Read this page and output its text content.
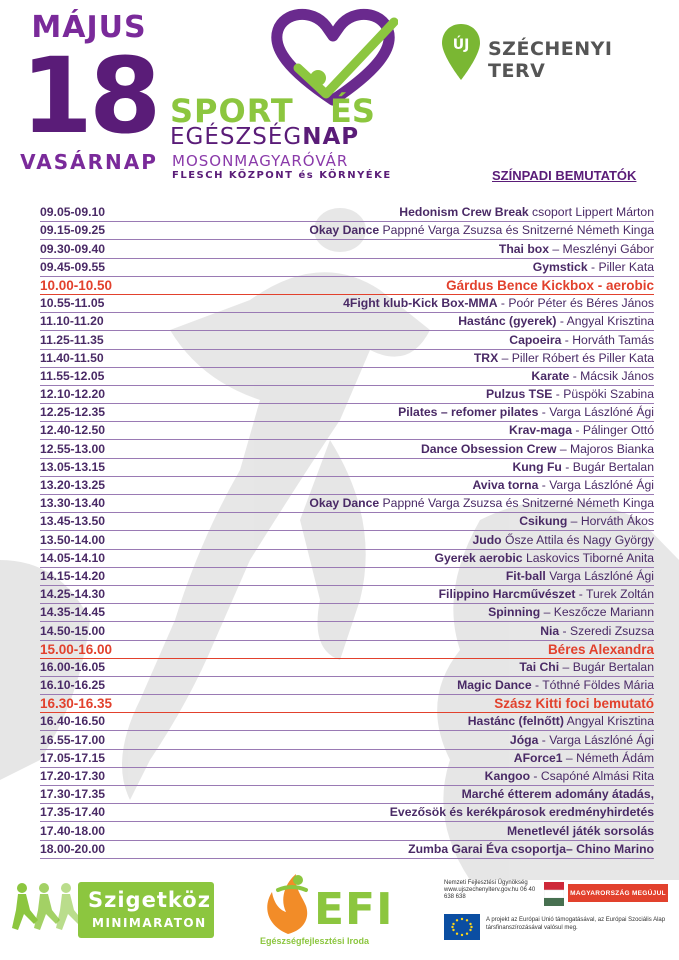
MÁJUS
18
VASÁRNAP
SPORT ÉS
EGÉSZSÉGNAP
MOSONMAGYARÓVÁR
FLESCH KÖZPONT és KÖRNYÉKE
ÚJ SZÉCHENYI TERV
SZÍNPADI BEMUTATÓK
09.05-09.10	Hedonism Crew Break csoport Lippert Márton
09.15-09.25	Okay Dance Pappné Varga Zsuzsa és Snitzerné Németh Kinga
09.30-09.40	Thai box – Meszlényi Gábor
09.45-09.55	Gymstick - Piller Kata
10.00-10.50	Gárdus Bence Kickbox - aerobic
10.55-11.05	4Fight klub-Kick Box-MMA - Poór Péter és Béres János
11.10-11.20	Hastánc (gyerek) - Angyal Krisztina
11.25-11.35	Capoeira - Horváth Tamás
11.40-11.50	TRX – Piller Róbert és Piller Kata
11.55-12.05	Karate - Mácsik János
12.10-12.20	Pulzus TSE - Püspöki Szabina
12.25-12.35	Pilates – refomer pilates - Varga Lászlóné Ági
12.40-12.50	Krav-maga - Pálinger Ottó
12.55-13.00	Dance Obsession Crew – Majoros Bianka
13.05-13.15	Kung Fu - Bugár Bertalan
13.20-13.25	Aviva torna - Varga Lászlóné Ági
13.30-13.40	Okay Dance Pappné Varga Zsuzsa és Snitzerné Németh Kinga
13.45-13.50	Csikung – Horváth Ákos
13.50-14.00	Judo Ősze Attila és Nagy György
14.05-14.10	Gyerek aerobic Laskovics Tiborné Anita
14.15-14.20	Fit-ball Varga Lászlóné Ági
14.25-14.30	Filippino Harcművészet - Turek Zoltán
14.35-14.45	Spinning – Keszőcze Mariann
14.50-15.00	Nia - Szeredi Zsuzsa
15.00-16.00	Béres Alexandra
16.00-16.05	Tai Chi – Bugár Bertalan
16.10-16.25	Magic Dance - Tóthné Földes Mária
16.30-16.35	Szász Kitti foci bemutató
16.40-16.50	Hastánc (felnőtt) Angyal Krisztina
16.55-17.00	Jóga - Varga Lászlóné Ági
17.05-17.15	AForce1 – Németh Ádám
17.20-17.30	Kangoo - Csapóné Almási Rita
17.30-17.35	Marché étterem adomány átadás,
17.35-17.40	Evezősök és kerékpárosok eredményhirdetés
17.40-18.00	Menetlevél játék sorsolás
18.00-20.00	Zumba Garai Éva csoportja– Chino Marino
Szigetköz
MINIMARATON EFI
Egészségfejlesztési Iroda
Nemzeti Fejlesztési Ügynökség www.ujszechenyiterv.gov.hu 06 40 638 638
MAGYARORSZÁG MEGÚJUL
A projekt az Európai Unió támogatásával, az Európai Szociális Alap társfinanszírozásával valósul meg.
